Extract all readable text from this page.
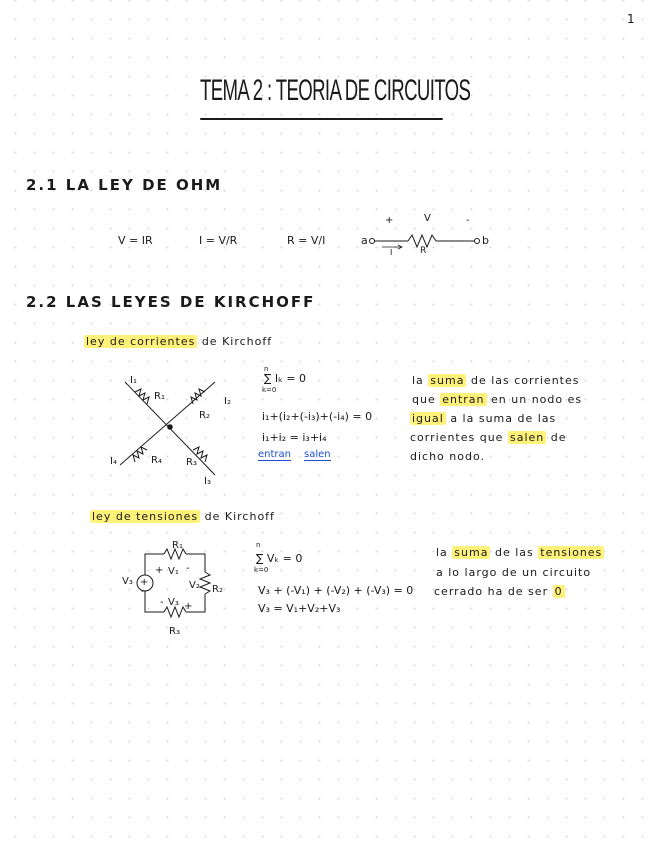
1
TEMA 2 : TEORIA DE CIRCUITOS
2.1 LA LEY DE OHM
V = IR	I = V/R	R = V/I
+	V	-
a	b
I	R
2.2 LAS LEYES DE KIRCHOFF
ley de corrientes de Kirchoff
I₁
R₁	I₂
R₂
I₄	R₄ R₃
I₃
n
∑ Iₖ = 0
k=0
i₁+(i₂+(-i₃)+(-i₄) = 0
i₁+i₂ = i₃+i₄
entran salen
la suma de las corrientes
que entran en un nodo es
igual a la suma de las
corrientes que salen de
dicho nodo.
ley de tensiones de Kirchoff
R₁
+ V₁ -
+
-
V₃	V₂ R₂
- V₃ +
R₃
n
∑ Vₖ = 0
k=0
V₃ + (-V₁) + (-V₂) + (-V₃) = 0
V₃ = V₁+V₂+V₃
la suma de las tensiones
a lo largo de un circuito
cerrado ha de ser 0
